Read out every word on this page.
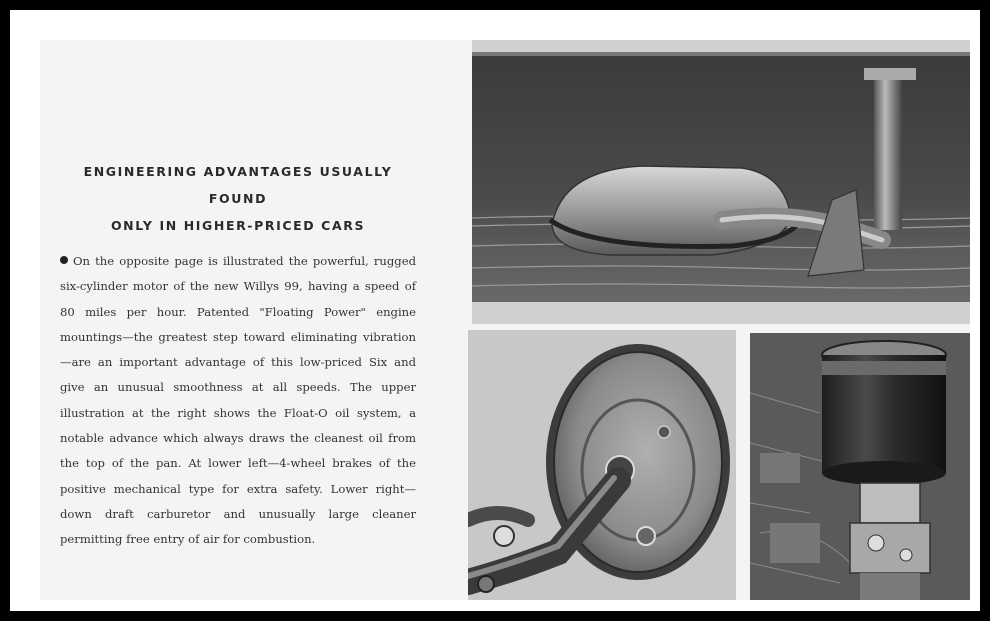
ENGINEERING ADVANTAGES USUALLY FOUND

ONLY IN HIGHER-PRICED CARS

On the opposite page is illustrated the powerful, rugged six-cylinder motor of the new Willys 99, having a speed of 80 miles per hour. Patented "Floating Power" engine mountings—the greatest step toward eliminating vibration—are an important advantage of this low-priced Six and give an unusual smoothness at all speeds. The upper illustration at the right shows the Float-O oil system, a notable advance which always draws the cleanest oil from the top of the pan. At lower left—4-wheel brakes of the positive mechanical type for extra safety. Lower right—down draft carburetor and unusually large cleaner permitting free entry of air for combustion.
